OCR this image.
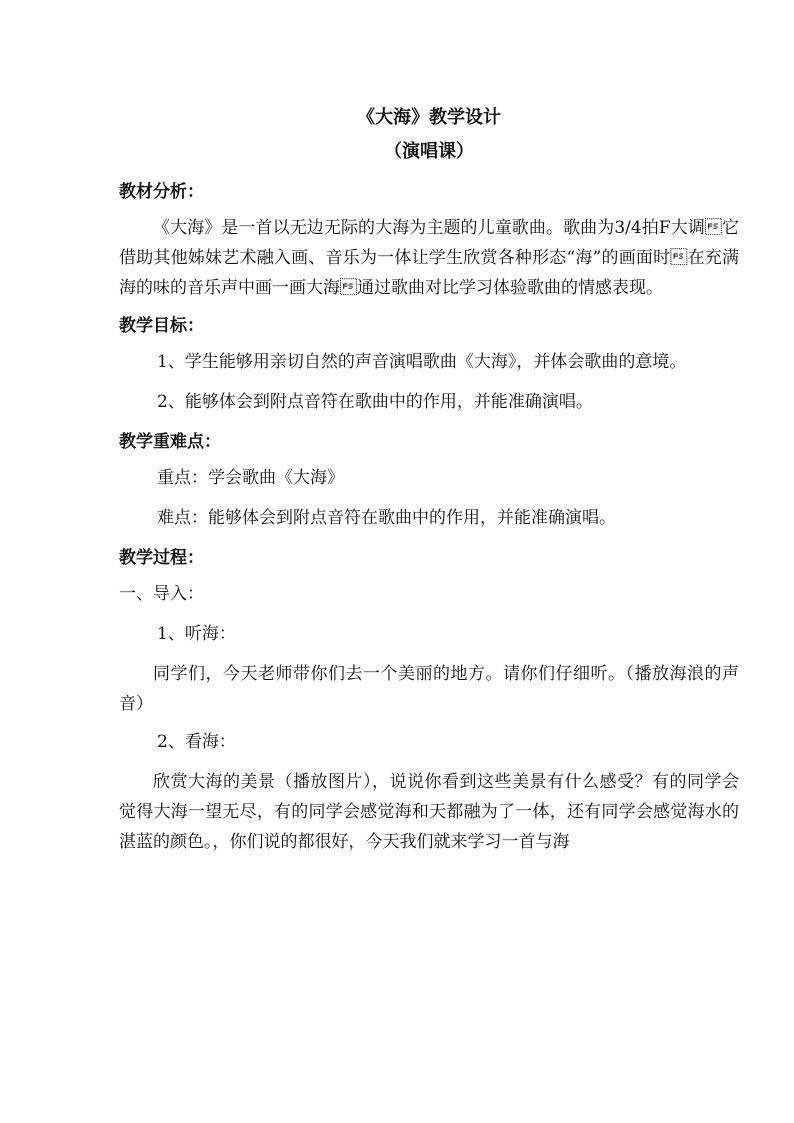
《大海》教学设计

（演唱课）

教材分析：

《大海》是一首以无边无际的大海为主题的儿童歌曲。歌曲为3/4拍F大调它借助其他姊妹艺术融入画、音乐为一体让学生欣赏各种形态“海”的画面时在充满海的味的音乐声中画一画大海通过歌曲对比学习体验歌曲的情感表现。

教学目标：

1、学生能够用亲切自然的声音演唱歌曲《大海》，并体会歌曲的意境。

2、能够体会到附点音符在歌曲中的作用，并能准确演唱。

教学重难点：

重点：学会歌曲《大海》

难点：能够体会到附点音符在歌曲中的作用，并能准确演唱。

教学过程：

一、导入：

1、听海：

同学们，今天老师带你们去一个美丽的地方。请你们仔细听。（播放海浪的声音）

2、看海：

欣赏大海的美景（播放图片），说说你看到这些美景有什么感受？有的同学会觉得大海一望无尽，有的同学会感觉海和天都融为了一体，还有同学会感觉海水的湛蓝的颜色。，你们说的都很好，今天我们就来学习一首与海
